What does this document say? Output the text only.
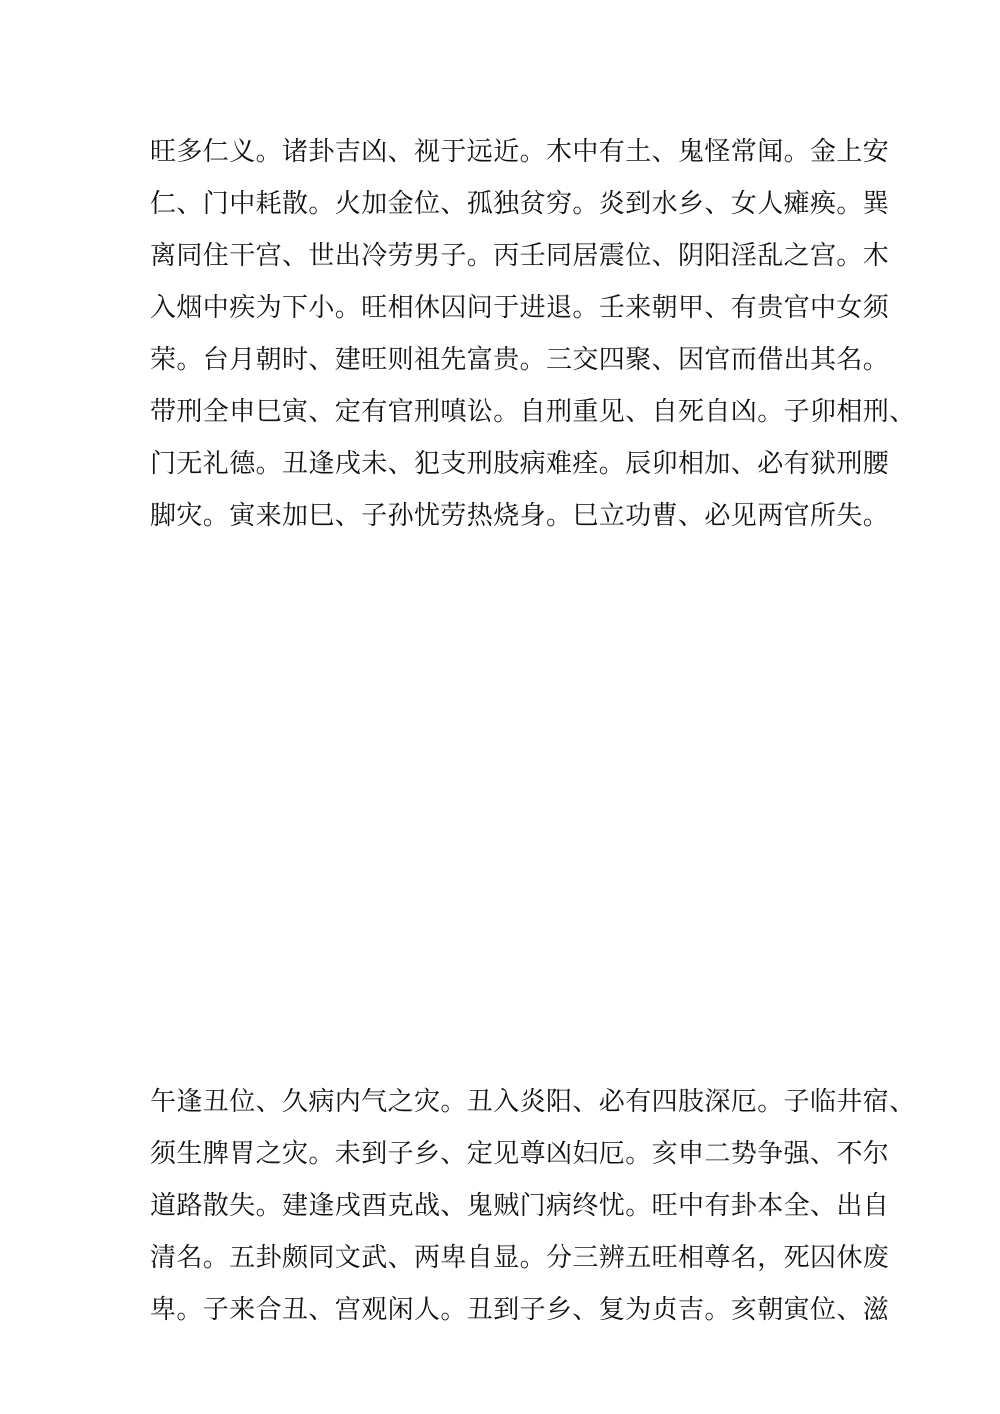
旺多仁义。诸卦吉凶、视于远近。木中有土、鬼怪常闻。金上安
仁、门中耗散。火加金位、孤独贫穷。炎到水乡、女人瘫痪。巽
离同住干宫、世出冷劳男子。丙壬同居震位、阴阳淫乱之宫。木
入烟中疾为下小。旺相休囚问于进退。壬来朝甲、有贵官中女须
荣。台月朝时、建旺则祖先富贵。三交四聚、因官而借出其名。
带刑全申巳寅、定有官刑嗔讼。自刑重见、自死自凶。子卯相刑、
门无礼德。丑逢戌未、犯支刑肢病难痊。辰卯相加、必有狱刑腰
脚灾。寅来加巳、子孙忧劳热烧身。巳立功曹、必见两官所失。
午逢丑位、久病内气之灾。丑入炎阳、必有四肢深厄。子临井宿、
须生脾胃之灾。未到子乡、定见尊凶妇厄。亥申二势争强、不尔
道路散失。建逢戌酉克战、鬼贼门病终忧。旺中有卦本全、出自
清名。五卦颇同文武、两卑自显。分三辨五旺相尊名，死囚休废
卑。子来合丑、宫观闲人。丑到子乡、复为贞吉。亥朝寅位、滋
